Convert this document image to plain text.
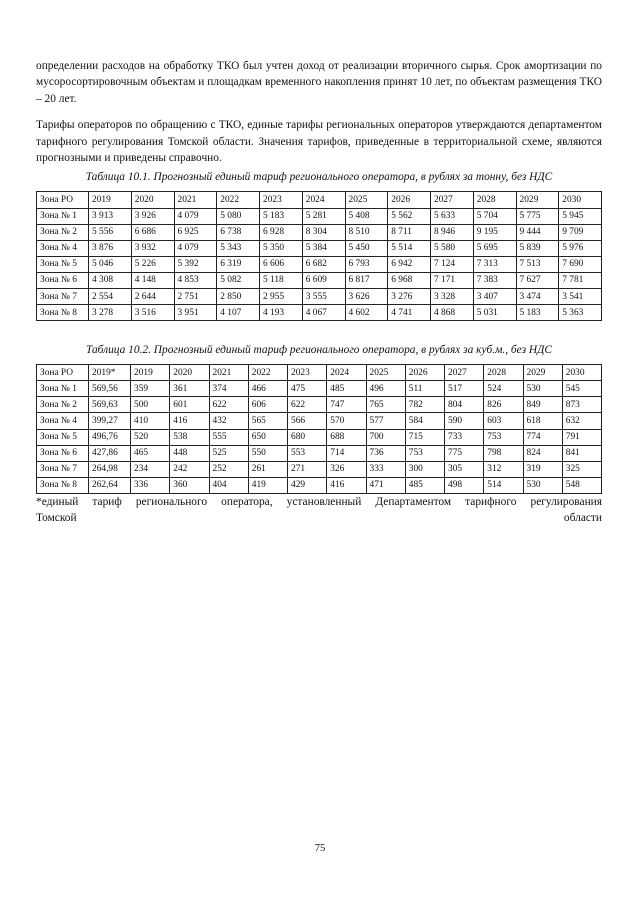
определении расходов на обработку ТКО был учтен доход от реализации вторичного сырья. Срок амортизации по мусоросортировочным объектам и площадкам временного накопления принят 10 лет, по объектам размещения ТКО – 20 лет.

Тарифы операторов по обращению с ТКО, единые тарифы региональных операторов утверждаются департаментом тарифного регулирования Томской области. Значения тарифов, приведенные в территориальной схеме, являются прогнозными и приведены справочно.

Таблица 10.1. Прогнозный единый тариф регионального оператора, в рублях за тонну, без НДС

Зона РО	2019	2020	2021	2022	2023	2024	2025	2026	2027	2028	2029	2030
Зона № 1	3 913	3 926	4 079	5 080	5 183	5 281	5 408	5 562	5 633	5 704	5 775	5 945
Зона № 2	5 556	6 686	6 925	6 738	6 928	8 304	8 510	8 711	8 946	9 195	9 444	9 709
Зона № 4	3 876	3 932	4 079	5 343	5 350	5 384	5 450	5 514	5 580	5 695	5 839	5 976
Зона № 5	5 046	5 226	5 392	6 319	6 606	6 682	6 793	6 942	7 124	7 313	7 513	7 690
Зона № 6	4 308	4 148	4 853	5 082	5 118	6 609	6 817	6 968	7 171	7 383	7 627	7 781
Зона № 7	2 554	2 644	2 751	2 850	2 955	3 555	3 626	3 276	3 328	3 407	3 474	3 541
Зона № 8	3 278	3 516	3 951	4 107	4 193	4 067	4 602	4 741	4 868	5 031	5 183	5 363

Таблица 10.2. Прогнозный единый тариф регионального оператора, в рублях за куб.м., без НДС

Зона РО	2019*	2019	2020	2021	2022	2023	2024	2025	2026	2027	2028	2029	2030
Зона № 1	569,56	359	361	374	466	475	485	496	511	517	524	530	545
Зона № 2	569,63	500	601	622	606	622	747	765	782	804	826	849	873
Зона № 4	399,27	410	416	432	565	566	570	577	584	590	603	618	632
Зона № 5	496,76	520	538	555	650	680	688	700	715	733	753	774	791
Зона № 6	427,86	465	448	525	550	553	714	736	753	775	798	824	841
Зона № 7	264,98	234	242	252	261	271	326	333	300	305	312	319	325
Зона № 8	262,64	336	360	404	419	429	416	471	485	498	514	530	548

*единый тариф регионального оператора, установленный Департаментом тарифного регулирования

Томской	области
75
